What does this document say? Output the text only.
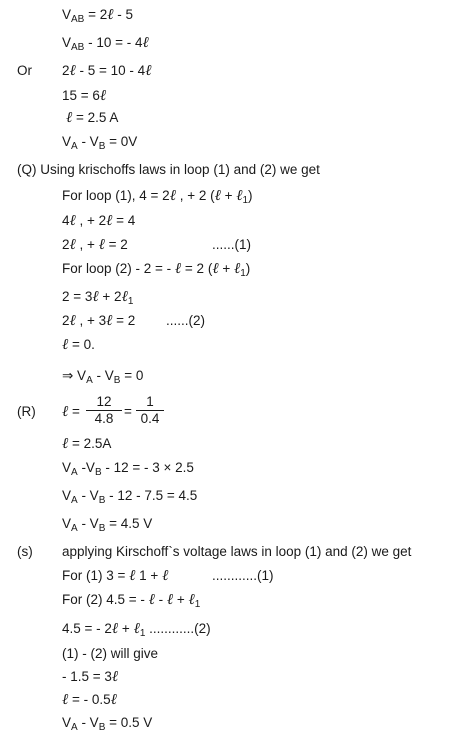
$V_{AB}$ = 2ℓ - 5
$V_{AB} - 10$ = - 4ℓ
Or 2ℓ - 5 = 10 - 4ℓ
15 = 6ℓ
ℓ = 2.5 A
$V_A - V_B = 0V$
(Q) Using krischoffs laws in loop (1) and (2) we get
For loop (1), 4 = 2ℓ , + 2 (ℓ + ℓ$_1$)
4ℓ , + 2ℓ = 4
2ℓ , + ℓ = 2	......(1)
For loop (2) - 2 = - ℓ = 2 (ℓ + ℓ$_1$)
2 = 3ℓ + 2ℓ$_1$
2ℓ , + 3ℓ = 2 ......(2)
ℓ = 0.
⇒ $V_A - V_B = 0$
(R) ℓ =
12
4.8 =
1
0.4
ℓ = 2.5A
$V_A$ $-V_B - 12$ = - 3 × 2.5
$V_A - V_B - 12 - 7.5 = 4.5$
$V_A - V_B = 4.5$ V
(s) applying Kirschoff`s voltage laws in loop (1) and (2) we get
For (1) 3 = ℓ 1 + ℓ	............(1)
For (2) 4.5 = - ℓ - ℓ + ℓ$_1$
4.5 = - 2ℓ + ℓ$_1$ ............(2)
(1) - (2) will give
- 1.5 = 3ℓ
ℓ = - 0.5ℓ
$V_A - V_B = 0.5$ V
